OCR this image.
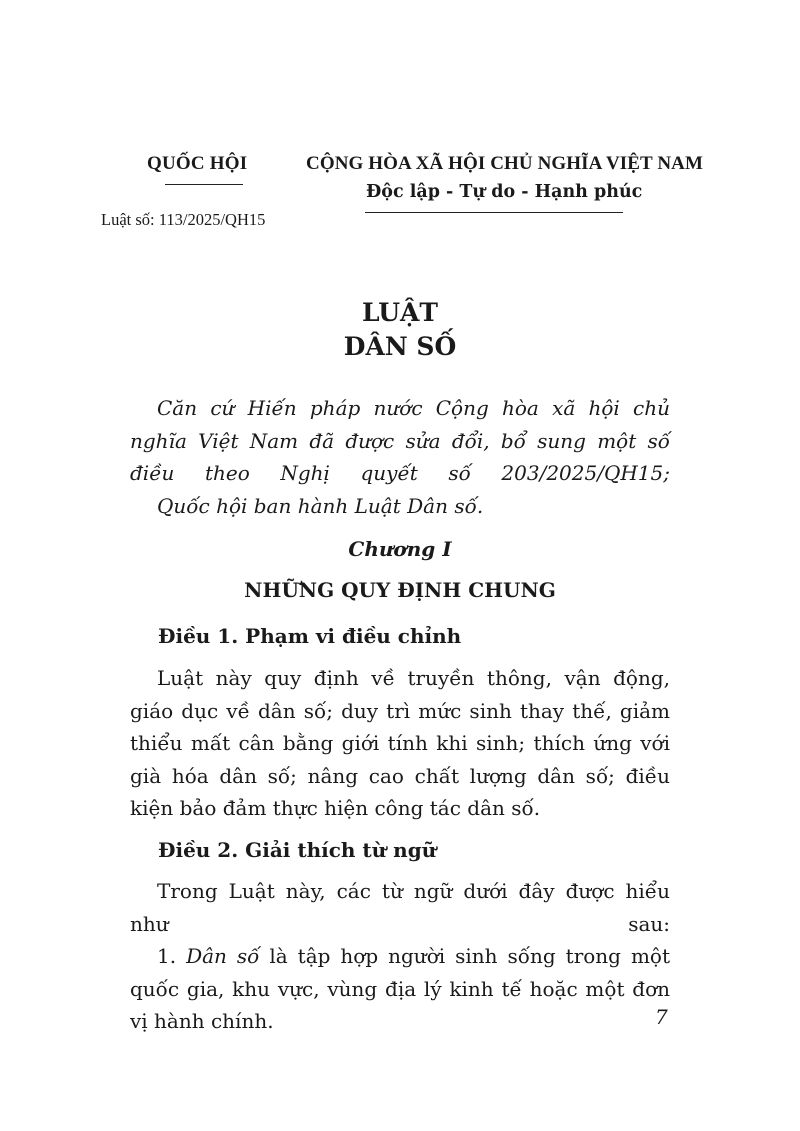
QUỐC HỘI
Luật số: 113/2025/QH15
CỘNG HÒA XÃ HỘI CHỦ NGHĨA VIỆT NAM
Độc lập - Tự do - Hạnh phúc
LUẬT
DÂN SỐ

Căn cứ Hiến pháp nước Cộng hòa xã hội chủ nghĩa Việt Nam đã được sửa đổi, bổ sung một số điều theo Nghị quyết số 203/2025/QH15;

Quốc hội ban hành Luật Dân số.

Chương I
NHỮNG QUY ĐỊNH CHUNG
Điều 1. Phạm vi điều chỉnh

Luật này quy định về truyền thông, vận động, giáo dục về dân số; duy trì mức sinh thay thế, giảm thiểu mất cân bằng giới tính khi sinh; thích ứng với già hóa dân số; nâng cao chất lượng dân số; điều kiện bảo đảm thực hiện công tác dân số.

Điều 2. Giải thích từ ngữ

Trong Luật này, các từ ngữ dưới đây được hiểu như sau:

1. Dân số là tập hợp người sinh sống trong một quốc gia, khu vực, vùng địa lý kinh tế hoặc một đơn vị hành chính.	7
